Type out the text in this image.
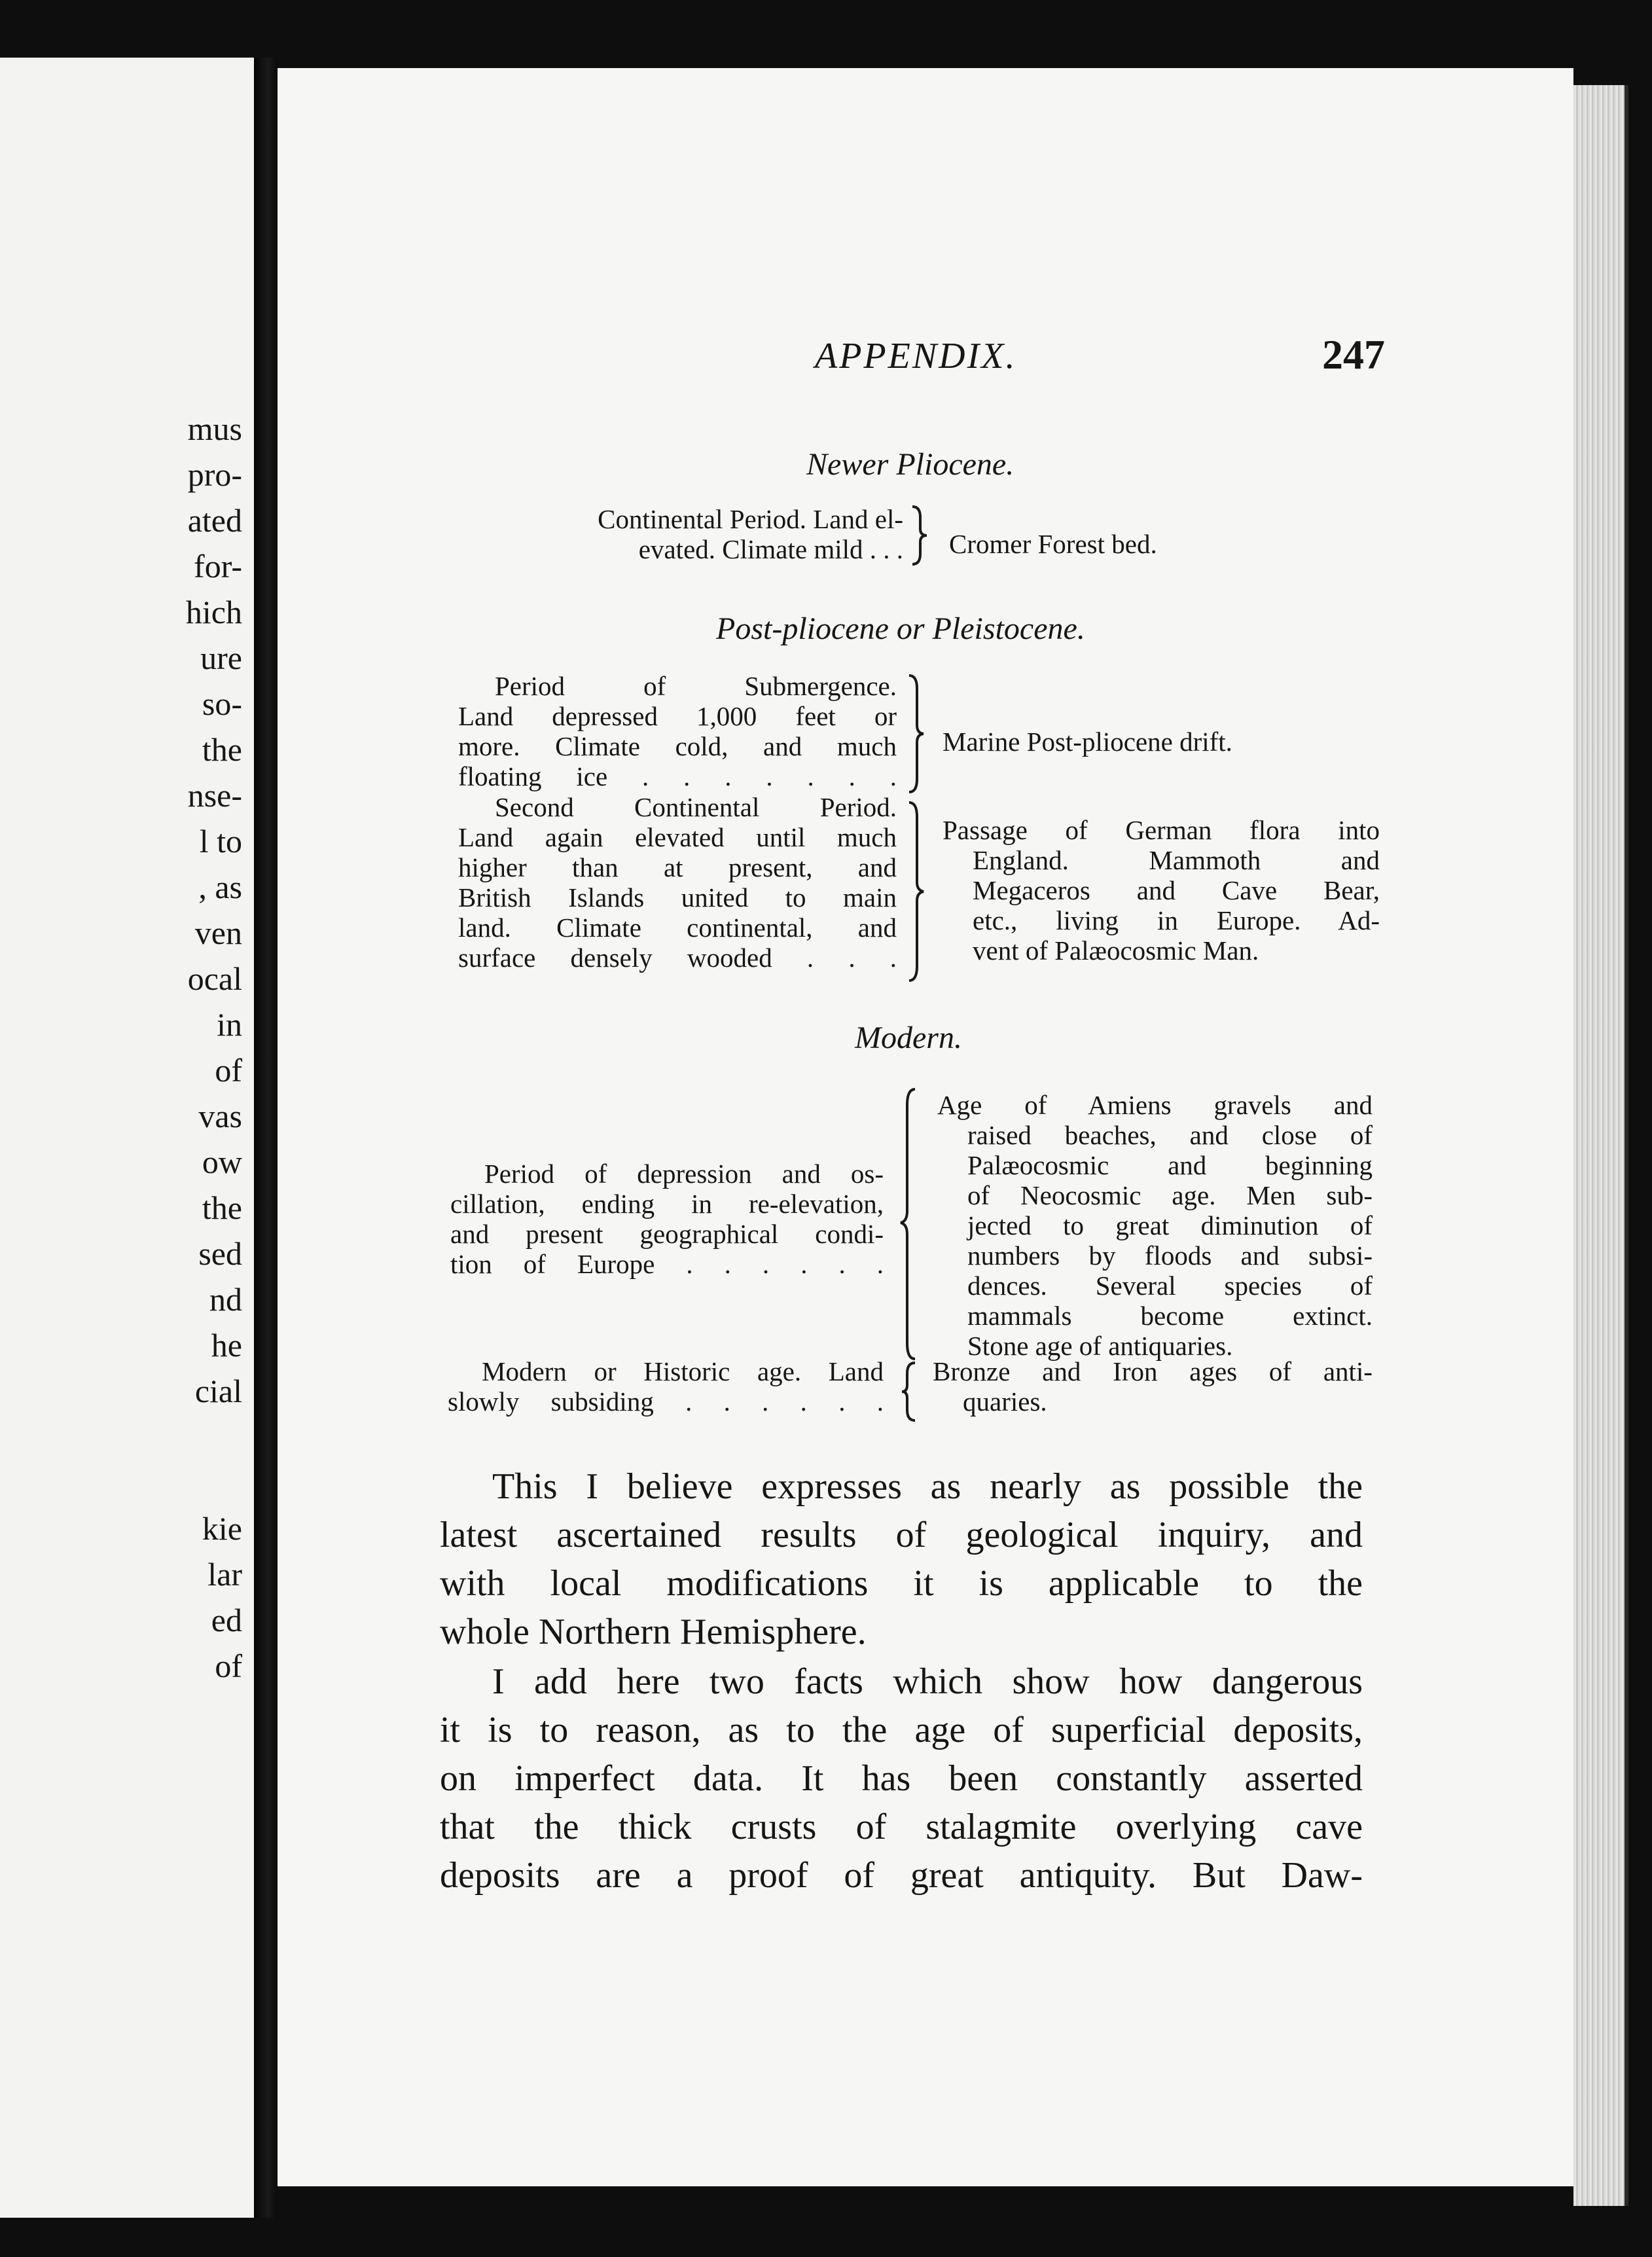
mus
pro-
ated
for-
hich
ure
so-
the
nse-
l to
, as
ven
ocal
in
of
vas
ow
the
sed
nd
he
cial
kie
lar
ed
of
APPENDIX.	247
Newer Pliocene.
Continental Period. Land el-
evated. Climate mild . . . Cromer Forest bed.
Post-pliocene or Pleistocene.
Period of Submergence.
Land depressed 1,000 feet or
more. Climate cold, and much
floating ice . . . . . . .
Marine Post-pliocene drift.
Second Continental Period.
Land again elevated until much
higher than at present, and
British Islands united to main
land. Climate continental, and
surface densely wooded . . .
Passage of German flora into
England. Mammoth and
Megaceros and Cave Bear,
etc., living in Europe. Ad-
vent of Palæocosmic Man.
Modern.
Period of depression and os-
cillation, ending in re-elevation,
and present geographical condi-
tion of Europe . . . . . .
Age of Amiens gravels and
raised beaches, and close of
Palæocosmic and beginning
of Neocosmic age. Men sub-
jected to great diminution of
numbers by floods and subsi-
dences. Several species of
mammals become extinct.
Stone age of antiquaries.
Modern or Historic age. Land
slowly subsiding . . . . . .
Bronze and Iron ages of anti-
quaries.
This I believe expresses as nearly as possible the
latest ascertained results of geological inquiry, and
with local modifications it is applicable to the
whole Northern Hemisphere.
I add here two facts which show how dangerous
it is to reason, as to the age of superficial deposits,
on imperfect data. It has been constantly asserted
that the thick crusts of stalagmite overlying cave
deposits are a proof of great antiquity. But Daw-
